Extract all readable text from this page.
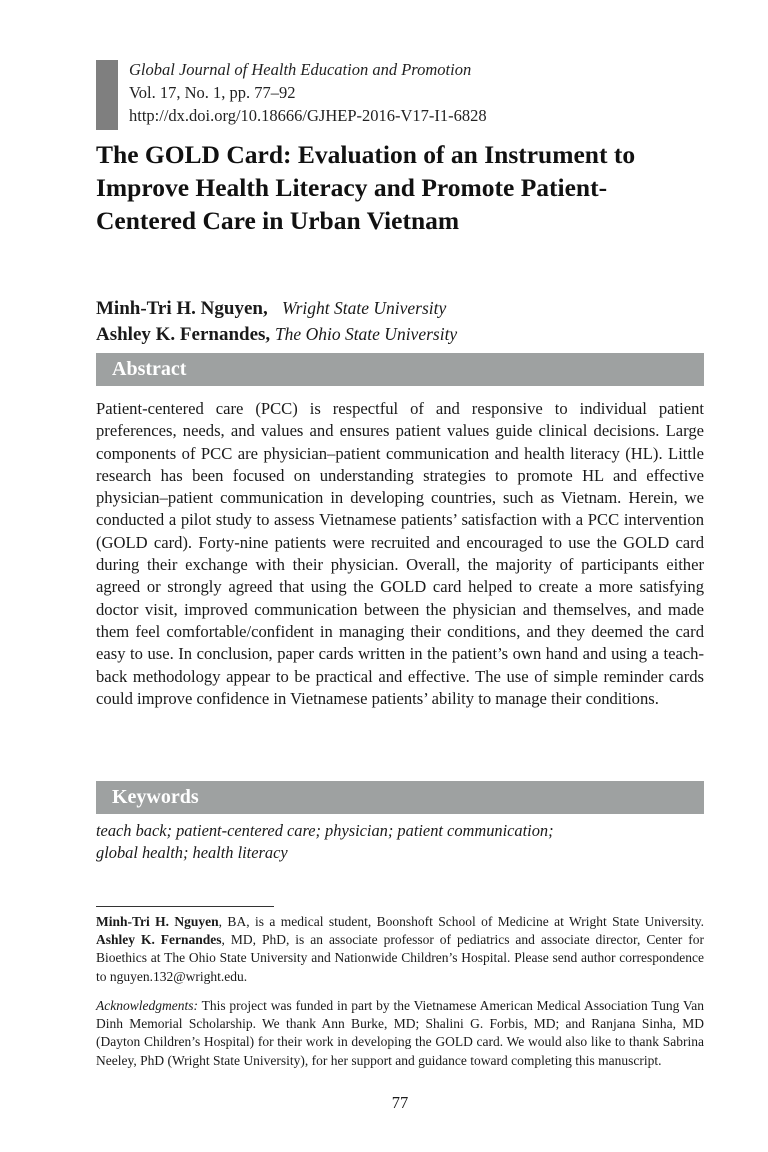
Global Journal of Health Education and Promotion
Vol. 17, No. 1, pp. 77–92
http://dx.doi.org/10.18666/GJHEP-2016-V17-I1-6828
The GOLD Card: Evaluation of an Instrument to Improve Health Literacy and Promote Patient-Centered Care in Urban Vietnam
Minh-Tri H. Nguyen, Wright State University
Ashley K. Fernandes, The Ohio State University
Abstract
Patient-centered care (PCC) is respectful of and responsive to individual patient preferences, needs, and values and ensures patient values guide clinical decisions. Large components of PCC are physician–patient communication and health literacy (HL). Little research has been focused on understanding strategies to promote HL and effective physician–patient communication in developing countries, such as Vietnam. Herein, we conducted a pilot study to assess Vietnamese patients’ satisfaction with a PCC intervention (GOLD card). Forty-nine patients were recruited and encouraged to use the GOLD card during their exchange with their physician. Overall, the majority of participants either agreed or strongly agreed that using the GOLD card helped to create a more satisfying doctor visit, improved communication between the physician and themselves, and made them feel comfortable/confident in managing their conditions, and they deemed the card easy to use. In conclusion, paper cards written in the patient’s own hand and using a teach-back methodology appear to be practical and effective. The use of simple reminder cards could improve confidence in Vietnamese patients’ ability to manage their conditions.
Keywords
teach back; patient-centered care; physician; patient communication;
global health; health literacy
Minh-Tri H. Nguyen, BA, is a medical student, Boonshoft School of Medicine at Wright State University. Ashley K. Fernandes, MD, PhD, is an associate professor of pediatrics and associate director, Center for Bioethics at The Ohio State University and Nationwide Children’s Hospital. Please send author correspondence to nguyen.132@wright.edu.
Acknowledgments: This project was funded in part by the Vietnamese American Medical Association Tung Van Dinh Memorial Scholarship. We thank Ann Burke, MD; Shalini G. Forbis, MD; and Ranjana Sinha, MD (Dayton Children’s Hospital) for their work in developing the GOLD card. We would also like to thank Sabrina Neeley, PhD (Wright State University), for her support and guidance toward completing this manuscript.
77
